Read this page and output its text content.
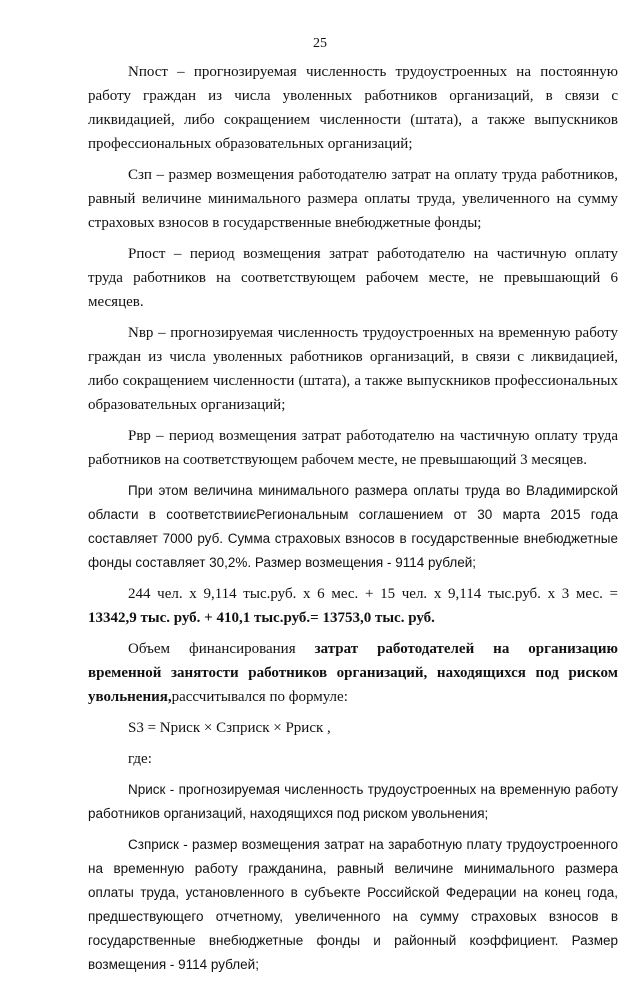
25

Nпост – прогнозируемая численность трудоустроенных на постоянную работу граждан из числа уволенных работников организаций, в связи с ликвидацией, либо сокращением численности (штата), а также выпускников профессиональных образовательных организаций;

Сзп – размер возмещения работодателю затрат на оплату труда работников, равный величине минимального размера оплаты труда, увеличенного на сумму страховых взносов в государственные внебюджетные фонды;

Рпост – период возмещения затрат работодателю на частичную оплату труда работников на соответствующем рабочем месте, не превышающий 6 месяцев.

Nвр – прогнозируемая численность трудоустроенных на временную работу граждан из числа уволенных работников организаций, в связи с ликвидацией, либо сокращением численности (штата), а также выпускников профессиональных образовательных организаций;

Рвр – период возмещения затрат работодателю на частичную оплату труда работников на соответствующем рабочем месте, не превышающий 3 месяцев.

При этом величина минимального размера оплаты труда во Владимирской области в соответствииєРегиональным соглашением от 30 марта 2015 года составляет 7000 руб. Сумма страховых взносов в государственные внебюджетные фонды составляет 30,2%. Размер возмещения - 9114 рублей;

244 чел. х 9,114 тыс.руб. х 6 мес. + 15 чел. х 9,114 тыс.руб. х 3 мес. = 13342,9 тыс. руб. + 410,1 тыс.руб.= 13753,0 тыс. руб.

Объем финансирования затрат работодателей на организацию временной занятости работников организаций, находящихся под риском увольнения,рассчитывался по формуле:

S3 = Nриск × Сзприск × Рриск ,
где:

Nриск - прогнозируемая численность трудоустроенных на временную работу работников организаций, находящихся под риском увольнения;

Сзприск - размер возмещения затрат на заработную плату трудоустроенного на временную работу гражданина, равный величине минимального размера оплаты труда, установленного в субъекте Российской Федерации на конец года, предшествующего отчетному, увеличенного на сумму страховых взносов в государственные внебюджетные фонды и районный коэффициент. Размер возмещения - 9114 рублей;
